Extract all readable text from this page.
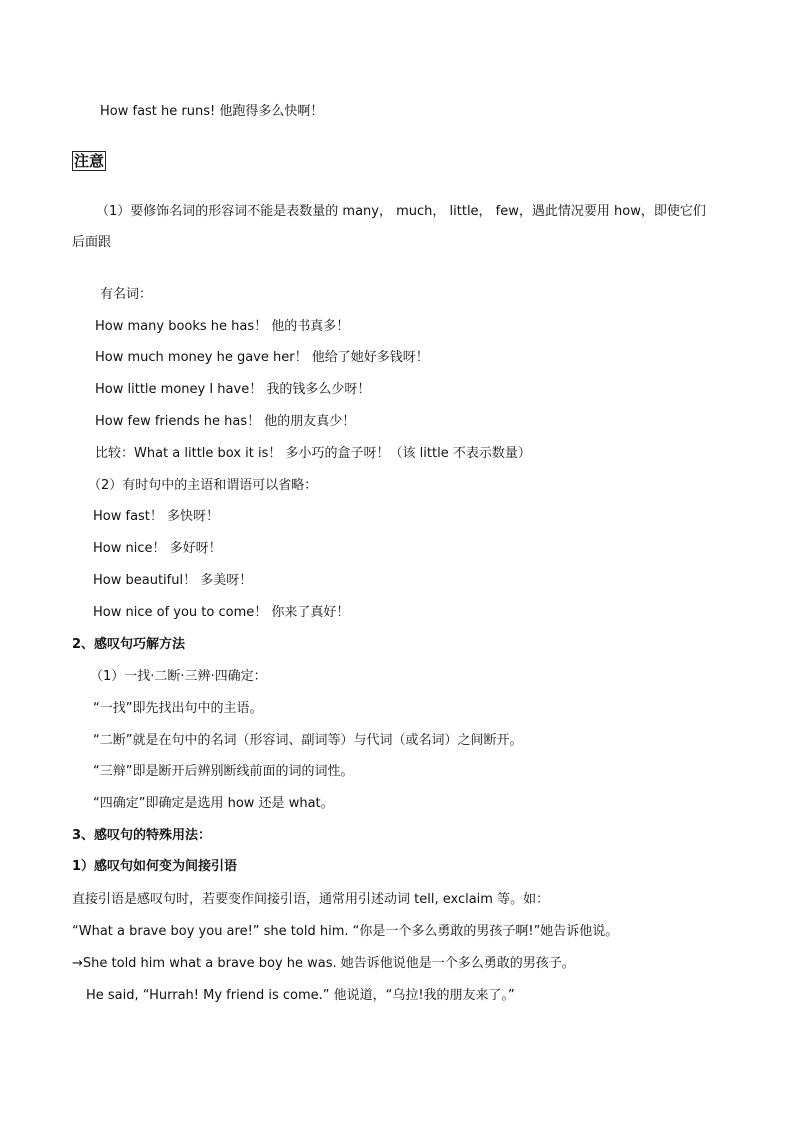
How fast he runs! 他跑得多么快啊！
注意
（1）要修饰名词的形容词不能是表数量的 many， much， little， few，遇此情况要用 how，即使它们
后面跟
有名词：
How many books he has！ 他的书真多！
How much money he gave her！ 他给了她好多钱呀！
How little money I have！ 我的钱多么少呀！
How few friends he has！ 他的朋友真少！
比较：What a little box it is！ 多小巧的盒子呀！（该 little 不表示数量）
（2）有时句中的主语和谓语可以省略：
How fast！ 多快呀！
How nice！ 多好呀！
How beautiful！ 多美呀！
How nice of you to come！ 你来了真好！
2、感叹句巧解方法
（1）一找·二断·三辨·四确定：
“一找”即先找出句中的主语。
“二断”就是在句中的名词（形容词、副词等）与代词（或名词）之间断开。
“三辩”即是断开后辨别断线前面的词的词性。
“四确定”即确定是选用 how 还是 what。
3、感叹句的特殊用法：
1）感叹句如何变为间接引语
直接引语是感叹句时，若要变作间接引语，通常用引述动词 tell, exclaim 等。如：
“What a brave boy you are!” she told him. “你是一个多么勇敢的男孩子啊!”她告诉他说。
→She told him what a brave boy he was. 她告诉他说他是一个多么勇敢的男孩子。
He said, “Hurrah! My friend is come.” 他说道，“乌拉!我的朋友来了。”
